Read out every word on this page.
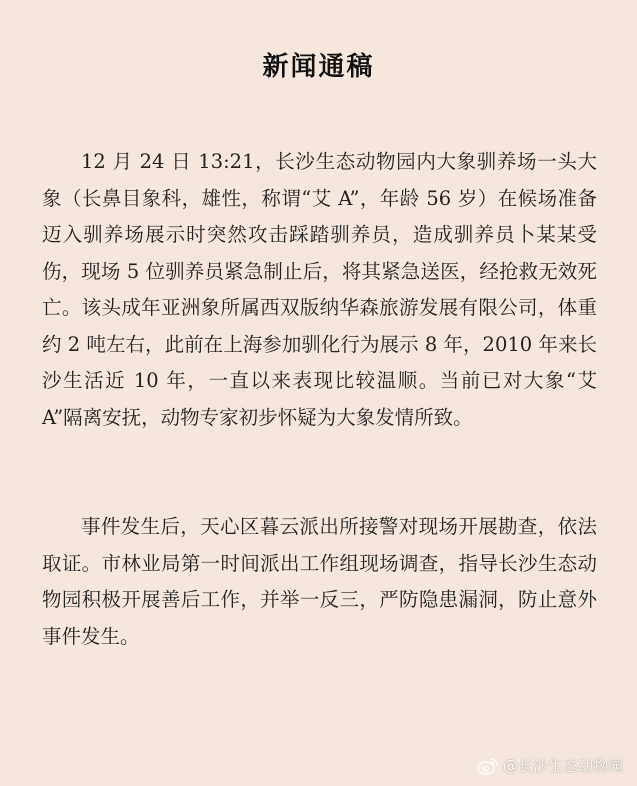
新闻通稿

12 月 24 日 13:21，长沙生态动物园内大象驯养场一头大象（长鼻目象科，雄性，称谓“艾 A”，年龄 56 岁）在候场准备迈入驯养场展示时突然攻击踩踏驯养员，造成驯养员卜某某受伤，现场 5 位驯养员紧急制止后，将其紧急送医，经抢救无效死亡。该头成年亚洲象所属西双版纳华森旅游发展有限公司，体重约 2 吨左右，此前在上海参加驯化行为展示 8 年，2010 年来长沙生活近 10 年，一直以来表现比较温顺。当前已对大象“艾 A”隔离安抚，动物专家初步怀疑为大象发情所致。

事件发生后，天心区暮云派出所接警对现场开展勘查，依法取证。市林业局第一时间派出工作组现场调查，指导长沙生态动物园积极开展善后工作，并举一反三，严防隐患漏洞，防止意外事件发生。

@长沙生态动物园
